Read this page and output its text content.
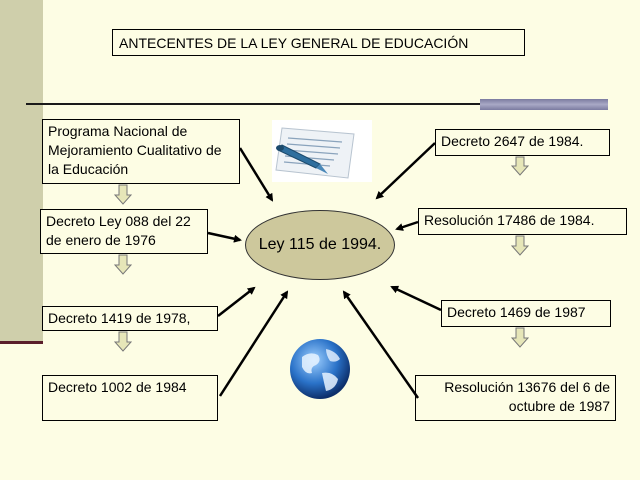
ANTECENTES DE LA LEY GENERAL DE EDUCACIÓN
Programa Nacional de Mejoramiento Cualitativo de la Educación
Decreto Ley 088 del 22 de enero de 1976
Decreto 1419 de 1978,
Decreto 1002 de 1984
Decreto 2647 de 1984.
Resolución 17486 de 1984.
Decreto 1469 de 1987
Resolución 13676 del 6 de octubre de 1987
Ley 115 de 1994.
